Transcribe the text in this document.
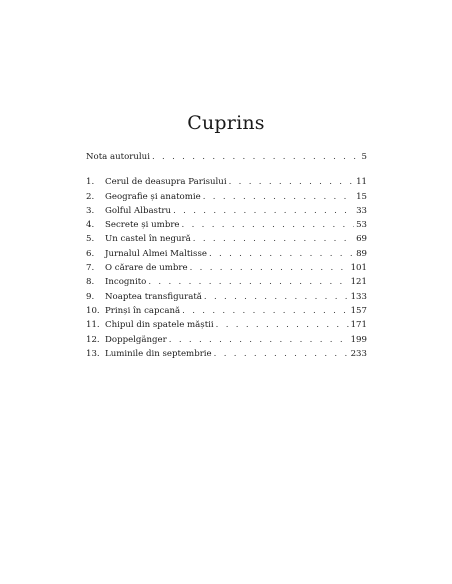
Cuprins
Nota autorului . . .	5
1.	Cerul de deasupra Parisului . . .	11
2.	Geografie și anatomie . . .	15
3.	Golful Albastru . . .	33
4.	Secrete și umbre . . .	53
5.	Un castel în negură . . .	69
6.	Jurnalul Almei Maltisse . . .	89
7.	O cărare de umbre . . .	101
8.	Incognito . . .	121
9.	Noaptea transfigurată . . .	133
10. Prinși în capcană . . .	157
11. Chipul din spatele măștii . . .	171
12. Doppelgänger . . .	199
13. Luminile din septembrie . . .	233
